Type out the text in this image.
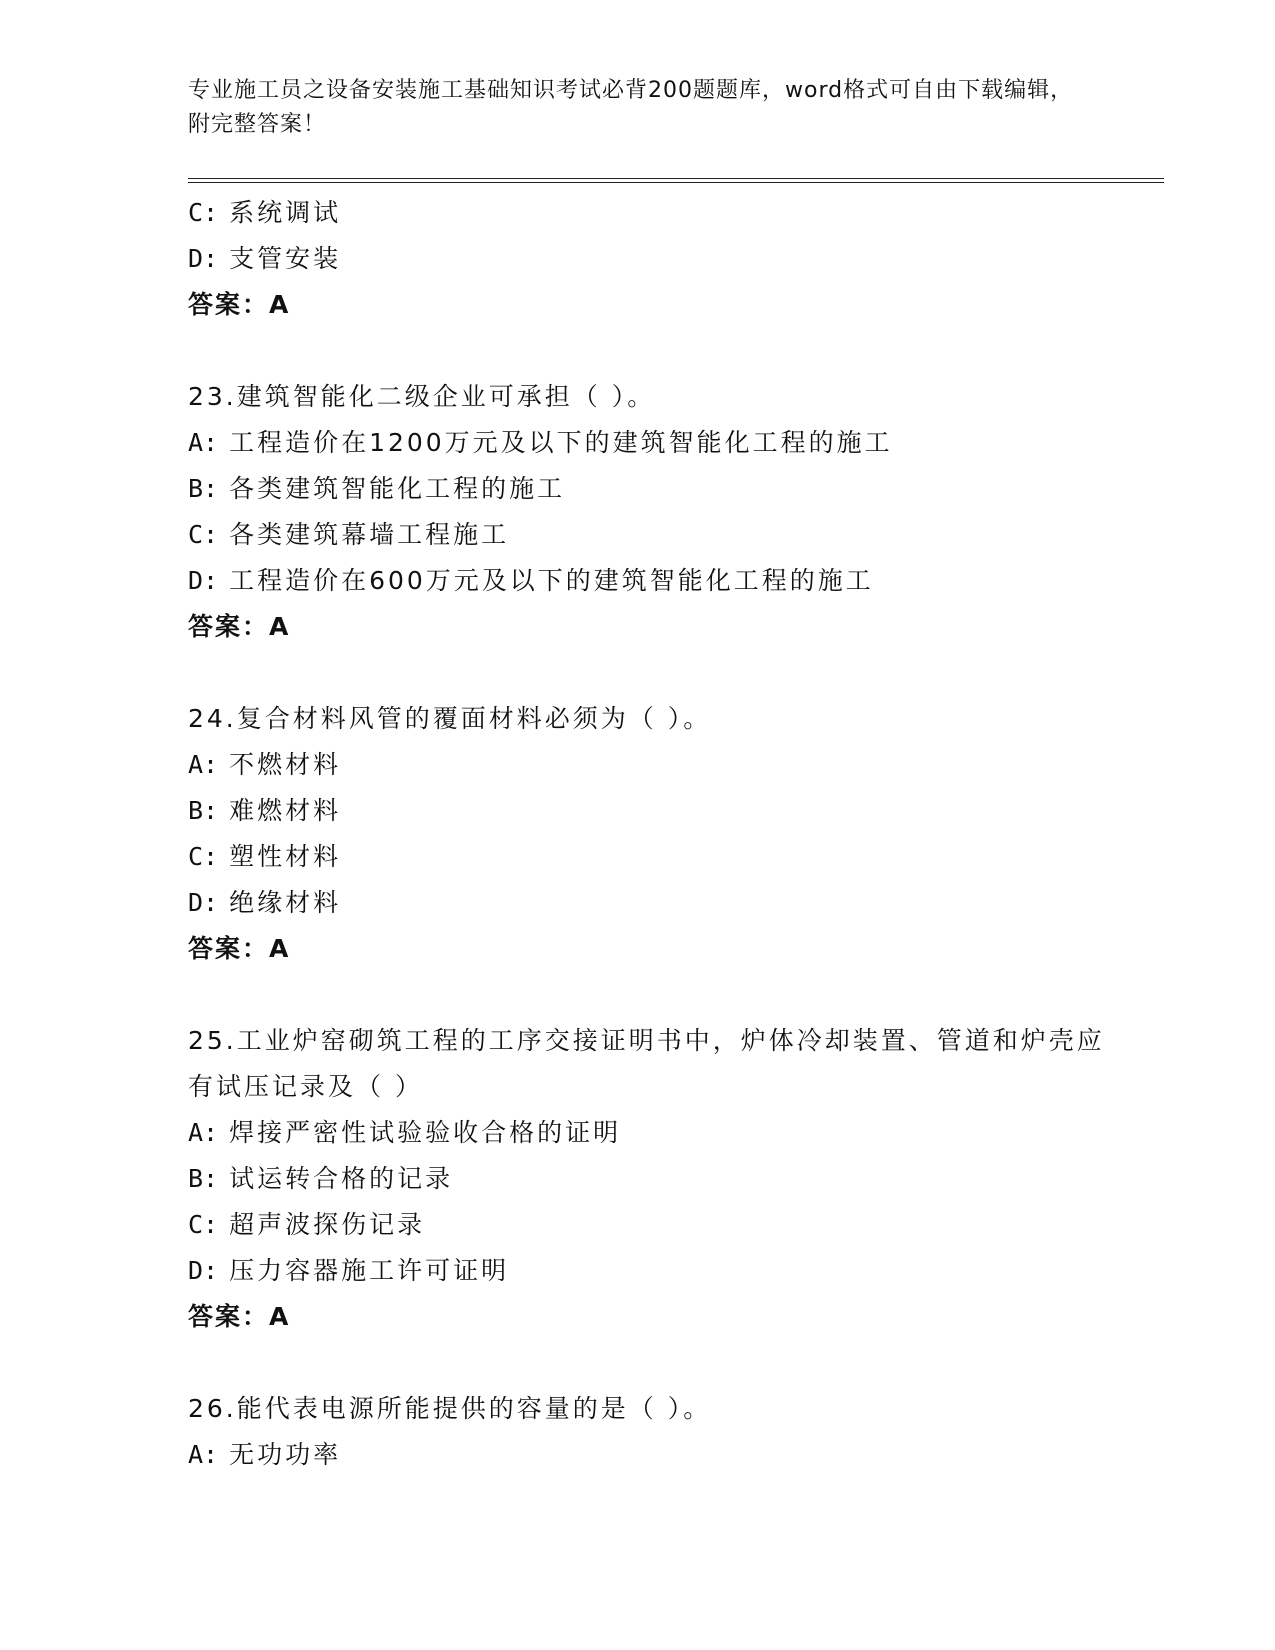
专业施工员之设备安装施工基础知识考试必背200题题库，word格式可自由下载编辑，附完整答案！
C: 系统调试
D: 支管安装
答案：A
23.建筑智能化二级企业可承担（ ）。
A: 工程造价在1200万元及以下的建筑智能化工程的施工
B: 各类建筑智能化工程的施工
C: 各类建筑幕墙工程施工
D: 工程造价在600万元及以下的建筑智能化工程的施工
答案：A
24.复合材料风管的覆面材料必须为（ ）。
A: 不燃材料
B: 难燃材料
C: 塑性材料
D: 绝缘材料
答案：A
25.工业炉窑砌筑工程的工序交接证明书中，炉体冷却装置、管道和炉壳应有试压记录及（ ）
A: 焊接严密性试验验收合格的证明
B: 试运转合格的记录
C: 超声波探伤记录
D: 压力容器施工许可证明
答案：A
26.能代表电源所能提供的容量的是（ ）。
A: 无功功率
